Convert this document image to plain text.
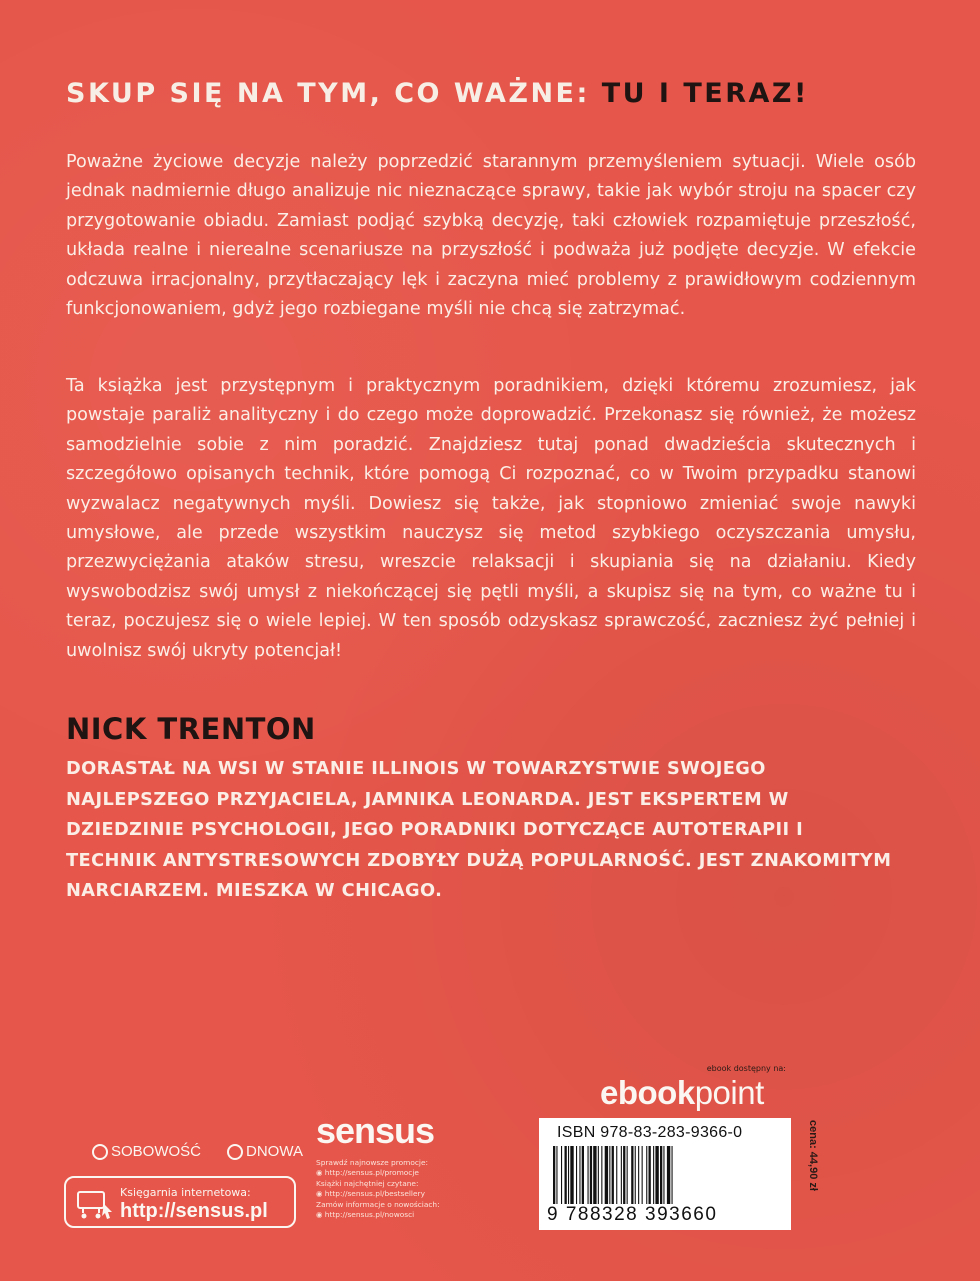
SKUP SIĘ NA TYM, CO WAŻNE: TU I TERAZ!

Poważne życiowe decyzje należy poprzedzić starannym przemyśleniem sytuacji. Wiele osób jednak nadmiernie długo analizuje nic nieznaczące sprawy, takie jak wybór stroju na spacer czy przygotowanie obiadu. Zamiast podjąć szybką decyzję, taki człowiek rozpamiętuje przeszłość, układa realne i nierealne scenariusze na przyszłość i podważa już podjęte decyzje. W efekcie odczuwa irracjonalny, przytłaczający lęk i zaczyna mieć problemy z prawidłowym codziennym funkcjonowaniem, gdyż jego rozbiegane myśli nie chcą się zatrzymać.

Ta książka jest przystępnym i praktycznym poradnikiem, dzięki któremu zrozumiesz, jak powstaje paraliż analityczny i do czego może doprowadzić. Przekonasz się również, że możesz samodzielnie sobie z nim poradzić. Znajdziesz tutaj ponad dwadzieścia skutecznych i szczegółowo opisanych technik, które pomogą Ci rozpoznać, co w Twoim przypadku stanowi wyzwalacz negatywnych myśli. Dowiesz się także, jak stopniowo zmieniać swoje nawyki umysłowe, ale przede wszystkim nauczysz się metod szybkiego oczyszczania umysłu, przezwyciężania ataków stresu, wreszcie relaksacji i skupiania się na działaniu. Kiedy wyswobodzisz swój umysł z niekończącej się pętli myśli, a skupisz się na tym, co ważne tu i teraz, poczujesz się o wiele lepiej. W ten sposób odzyskasz sprawczość, zaczniesz żyć pełniej i uwolnisz swój ukryty potencjał!

NICK TRENTON
DORASTAŁ NA WSI W STANIE ILLINOIS W TOWARZYSTWIE SWOJEGO NAJLEPSZEGO PRZYJACIELA, JAMNIKA LEONARDA. JEST EKSPERTEM W DZIEDZINIE PSYCHOLOGII, JEGO PORADNIKI DOTYCZĄCE AUTOTERAPII I TECHNIK ANTYSTRESOWYCH ZDOBYŁY DUŻĄ POPULARNOŚĆ. JEST ZNAKOMITYM NARCIARZEM. MIESZKA W CHICAGO.
ebook dostępny na:
ebookpoint
sensus
Sprawdź najnowsze promocje:
◉ http://sensus.pl/promocje
Książki najchętniej czytane:
◉ http://sensus.pl/bestsellery
Zamów informacje o nowościach:
◉ http://sensus.pl/nowosci
SOBOWOŚĆ	DNOWA
Księgarnia internetowa:
http://sensus.pl
ISBN 978-83-283-9366-0
9 788328 393660
cena: 44,90 zł
